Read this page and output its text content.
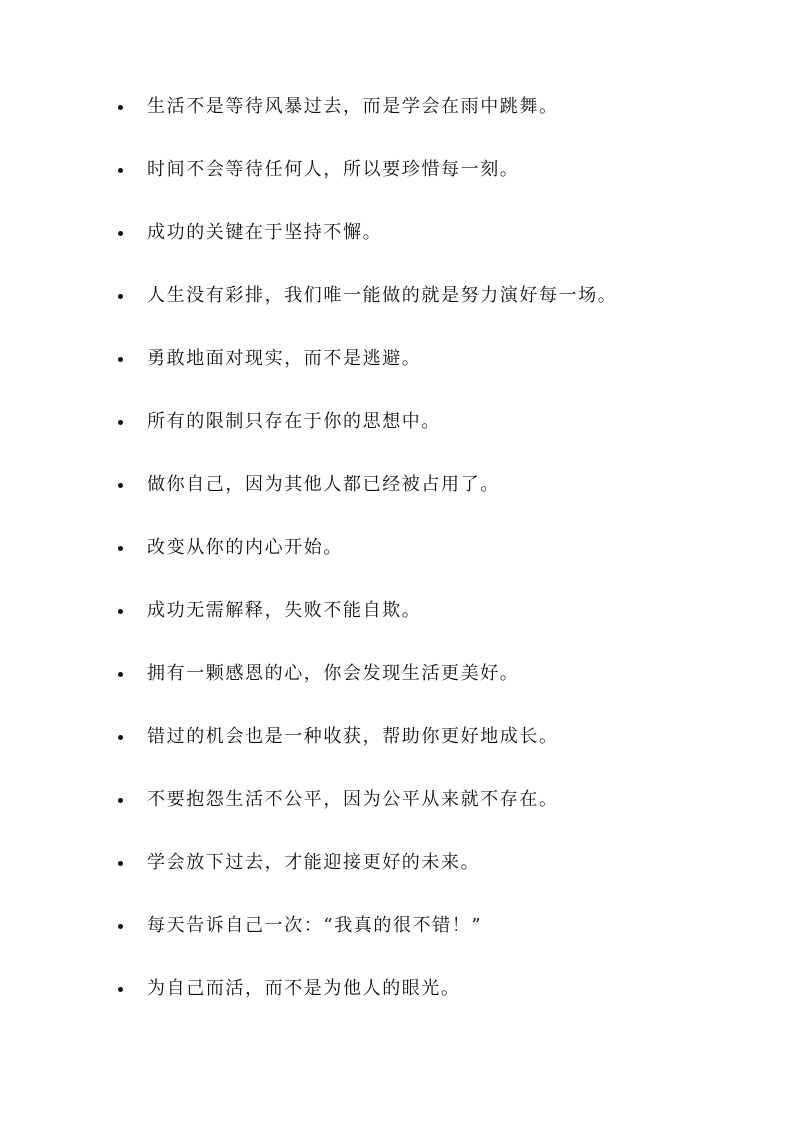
生活不是等待风暴过去，而是学会在雨中跳舞。
时间不会等待任何人，所以要珍惜每一刻。
成功的关键在于坚持不懈。
人生没有彩排，我们唯一能做的就是努力演好每一场。
勇敢地面对现实，而不是逃避。
所有的限制只存在于你的思想中。
做你自己，因为其他人都已经被占用了。
改变从你的内心开始。
成功无需解释，失败不能自欺。
拥有一颗感恩的心，你会发现生活更美好。
错过的机会也是一种收获，帮助你更好地成长。
不要抱怨生活不公平，因为公平从来就不存在。
学会放下过去，才能迎接更好的未来。
每天告诉自己一次：“我真的很不错！”
为自己而活，而不是为他人的眼光。
